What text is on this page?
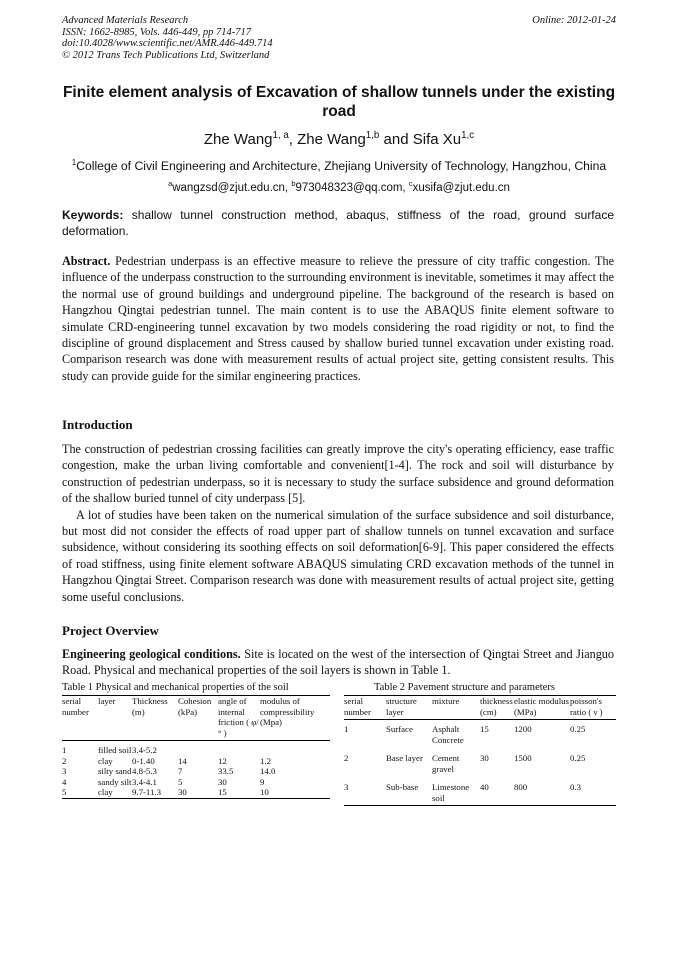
Advanced Materials Research
ISSN: 1662-8985, Vols. 446-449, pp 714-717
doi:10.4028/www.scientific.net/AMR.446-449.714
© 2012 Trans Tech Publications Ltd, Switzerland
Online: 2012-01-24
Finite element analysis of Excavation of shallow tunnels under the existing road
Zhe Wang$^{1, a}$, Zhe Wang$^{1,b}$ and Sifa Xu$^{1,c}$
$^1$College of Civil Engineering and Architecture, Zhejiang University of Technology, Hangzhou, China
$^a$wangzsd@zjut.edu.cn, $^b$973048323@qq.com, $^c$xusifa@zjut.edu.cn
Keywords: shallow tunnel construction method, abaqus, stiffness of the road, ground surface deformation.
Abstract. Pedestrian underpass is an effective measure to relieve the pressure of city traffic congestion. The influence of the underpass construction to the surrounding environment is inevitable, sometimes it may affect the the normal use of ground buildings and underground pipeline. The background of the research is based on Hangzhou Qingtai pedestrian tunnel. The main content is to use the ABAQUS finite element software to simulate CRD-engineering tunnel excavation by two models considering the road rigidity or not, to find the discipline of ground displacement and Stress caused by shallow buried tunnel excavation under existing road. Comparison research was done with measurement results of actual project site, getting consistent results. This study can provide guide for the similar engineering practices.
Introduction

The construction of pedestrian crossing facilities can greatly improve the city's operating efficiency, ease traffic congestion, make the urban living comfortable and convenient[1-4]. The rock and soil will disturbance by construction of pedestrian underpass, so it is necessary to study the surface subsidence and ground deformation of the shallow buried tunnel of city underpass [5].

A lot of studies have been taken on the numerical simulation of the surface subsidence and soil disturbance, but most did not consider the effects of road upper part of shallow tunnels on tunnel excavation and surface subsidence, without considering its soothing effects on soil deformation[6-9]. This paper considered the effects of road stiffness, using finite element software ABAQUS simulating CRD excavation methods of the tunnel in Hangzhou Qingtai Street. Comparison research was done with measurement results of actual project site, getting some useful conclusions.

Project Overview
Engineering geological conditions. Site is located on the west of the intersection of Qingtai Street and Jianguo Road. Physical and mechanical properties of the soil layers is shown in Table 1.
Table 1 Physical and mechanical properties of the soil	Table 2 Pavement structure and parameters
serial number	layer	Thickness (m)	Cohesion (kPa)	angle of internal friction ( φ/° )	modulus of compressibility (Mpa)
1	filled soil	3.4-5.2			
2	clay	0-1.40	14	12	1.2
3	silty sand	4.8-5.3	7	33.5	14.0
4	sandy silt	3.4-4.1	5	30	9
5	clay	9.7-11.3	30	15	10
serial number	structure layer	mixture	thickness (cm)	elastic modulus (MPa)	poisson's ratio ( ν )
1	Surface	Asphalt Concrete	15	1200	0.25
2	Base layer	Cement gravel	30	1500	0.25
3	Sub-base	Limestone soil	40	800	0.3
